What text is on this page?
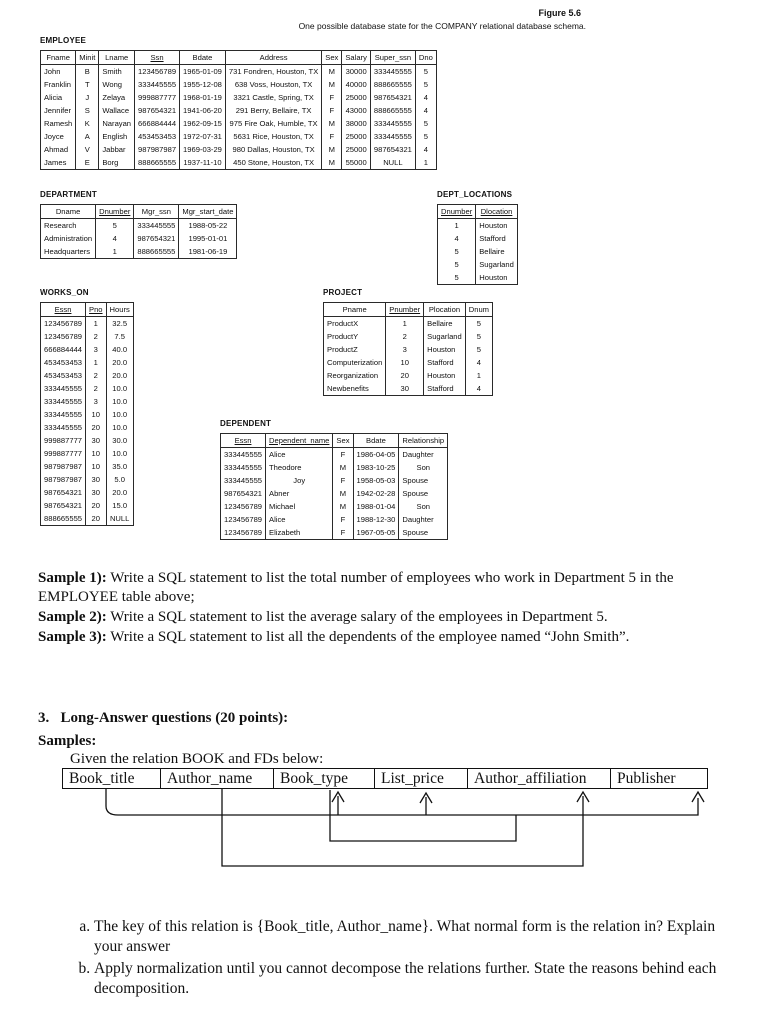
Figure 5.6
One possible database state for the COMPANY relational database schema.
EMPLOYEE
Fname	Minit	Lname	Ssn	Bdate	Address	Sex	Salary	Super_ssn	Dno
John	B	Smith	123456789	1965-01-09	731 Fondren, Houston, TX	M	30000	333445555	5
Franklin	T	Wong	333445555	1955-12-08	638 Voss, Houston, TX	M	40000	888665555	5
Alicia	J	Zelaya	999887777	1968-01-19	3321 Castle, Spring, TX	F	25000	987654321	4
Jennifer	S	Wallace	987654321	1941-06-20	291 Berry, Bellaire, TX	F	43000	888665555	4
Ramesh	K	Narayan	666884444	1962-09-15	975 Fire Oak, Humble, TX	M	38000	333445555	5
Joyce	A	English	453453453	1972-07-31	5631 Rice, Houston, TX	F	25000	333445555	5
Ahmad	V	Jabbar	987987987	1969-03-29	980 Dallas, Houston, TX	M	25000	987654321	4
James	E	Borg	888665555	1937-11-10	450 Stone, Houston, TX	M	55000	NULL	1
DEPARTMENT
Dname	Dnumber	Mgr_ssn	Mgr_start_date
Research	5	333445555	1988-05-22
Administration	4	987654321	1995-01-01
Headquarters	1	888665555	1981-06-19
DEPT_LOCATIONS
Dnumber	Dlocation
1	Houston
4	Stafford
5	Bellaire
5	Sugarland
5	Houston
WORKS_ON
Essn	Pno	Hours
123456789	1	32.5
123456789	2	7.5
666884444	3	40.0
453453453	1	20.0
453453453	2	20.0
333445555	2	10.0
333445555	3	10.0
333445555	10	10.0
333445555	20	10.0
999887777	30	30.0
999887777	10	10.0
987987987	10	35.0
987987987	30	5.0
987654321	30	20.0
987654321	20	15.0
888665555	20	NULL
PROJECT
Pname	Pnumber	Plocation	Dnum
ProductX	1	Bellaire	5
ProductY	2	Sugarland	5
ProductZ	3	Houston	5
Computerization	10	Stafford	4
Reorganization	20	Houston	1
Newbenefits	30	Stafford	4
DEPENDENT
Essn	Dependent_name	Sex	Bdate	Relationship
333445555	Alice	F	1986-04-05	Daughter
333445555	Theodore	M	1983-10-25	Son
333445555	Joy	F	1958-05-03	Spouse
987654321	Abner	M	1942-02-28	Spouse
123456789	Michael	M	1988-01-04	Son
123456789	Alice	F	1988-12-30	Daughter
123456789	Elizabeth	F	1967-05-05	Spouse
Sample 1): Write a SQL statement to list the total number of employees who work in Department 5 in the EMPLOYEE table above;
Sample 2): Write a SQL statement to list the average salary of the employees in Department 5.
Sample 3): Write a SQL statement to list all the dependents of the employee named “John Smith”.
3.   Long-Answer questions (20 points):
Samples:
Given the relation BOOK and FDs below:
Book_title	Author_name	Book_type	List_price	Author_affiliation	Publisher
a. The key of this relation is {Book_title, Author_name}. What normal form is the relation in? Explain your answer
b. Apply normalization until you cannot decompose the relations further. State the reasons behind each decomposition.
